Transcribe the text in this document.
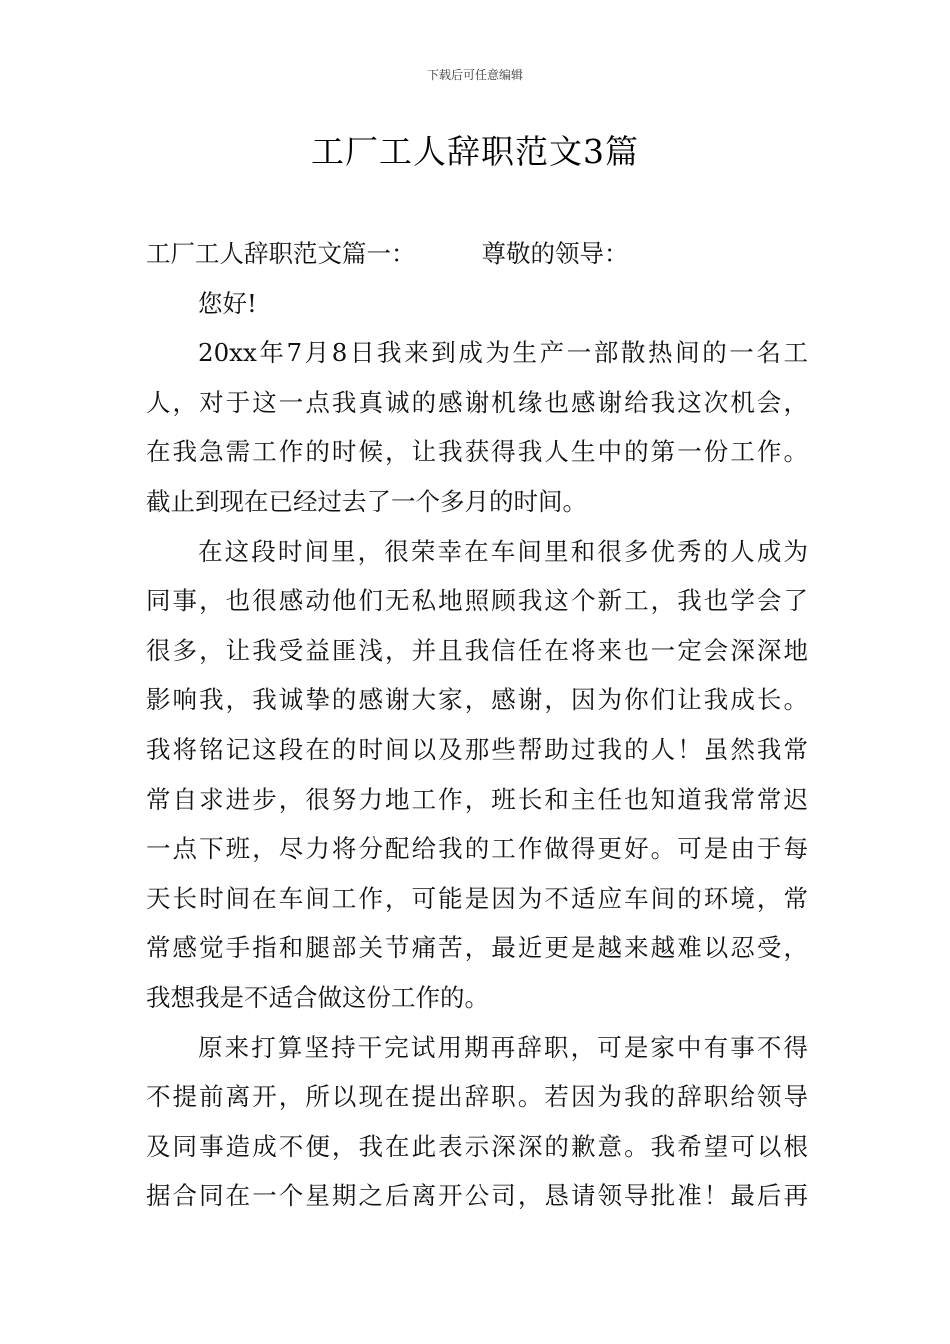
下载后可任意编辑
工厂工人辞职范文3篇
工厂工人辞职范文篇一：	尊敬的领导：
您好!
20xx年7月8日我来到成为生产一部散热间的一名工
人，对于这一点我真诚的感谢机缘也感谢给我这次机会，
在我急需工作的时候，让我获得我人生中的第一份工作。
截止到现在已经过去了一个多月的时间。
在这段时间里，很荣幸在车间里和很多优秀的人成为
同事，也很感动他们无私地照顾我这个新工，我也学会了
很多，让我受益匪浅，并且我信任在将来也一定会深深地
影响我，我诚挚的感谢大家，感谢，因为你们让我成长。
我将铭记这段在的时间以及那些帮助过我的人！虽然我常
常自求进步，很努力地工作，班长和主任也知道我常常迟
一点下班，尽力将分配给我的工作做得更好。可是由于每
天长时间在车间工作，可能是因为不适应车间的环境，常
常感觉手指和腿部关节痛苦，最近更是越来越难以忍受，
我想我是不适合做这份工作的。
原来打算坚持干完试用期再辞职，可是家中有事不得
不提前离开，所以现在提出辞职。若因为我的辞职给领导
及同事造成不便，我在此表示深深的歉意。我希望可以根
据合同在一个星期之后离开公司，恳请领导批准！最后再
